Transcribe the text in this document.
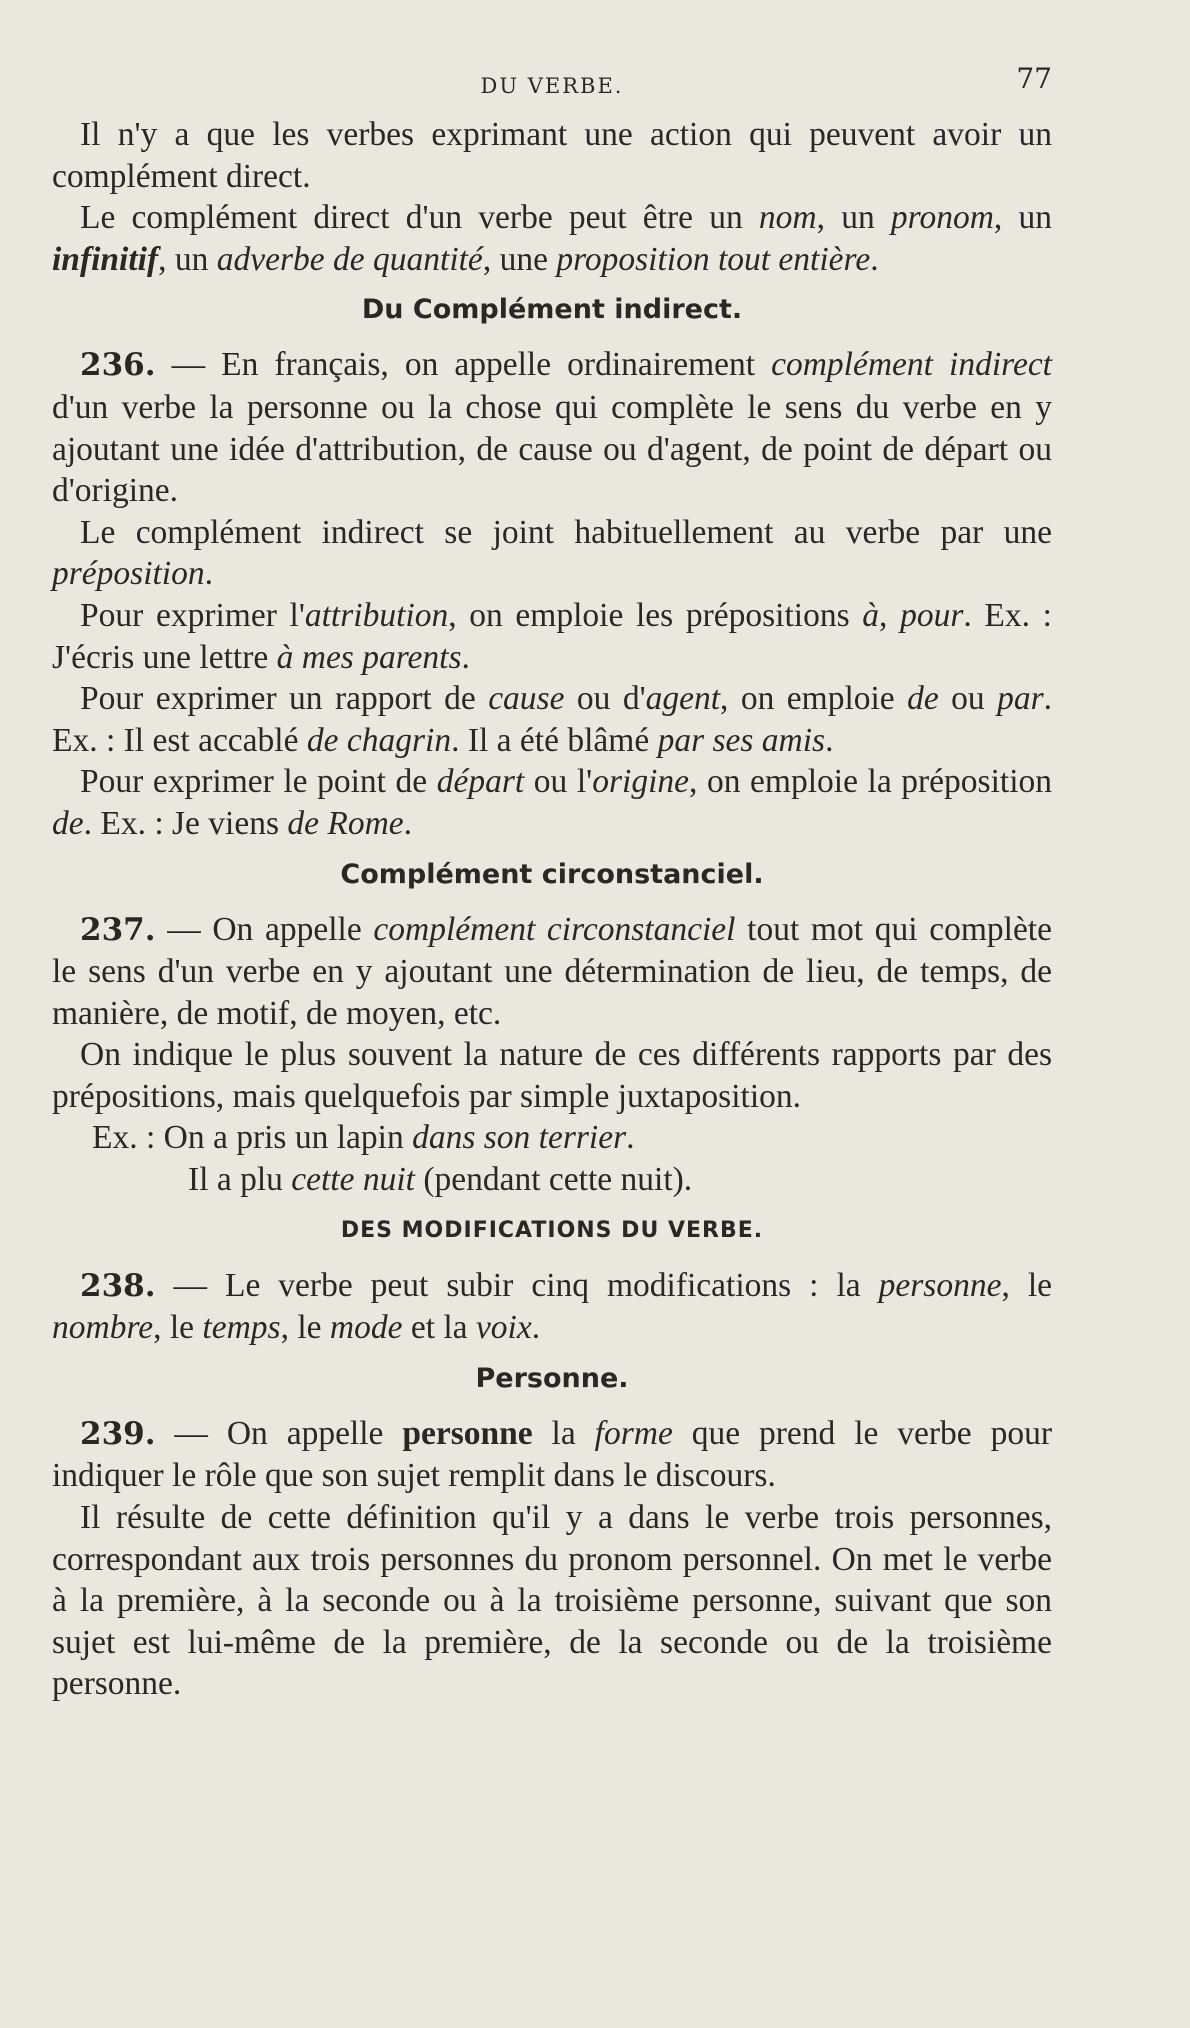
DU VERBE.	77

Il n'y a que les verbes exprimant une action qui peuvent avoir un complément direct.

Le complément direct d'un verbe peut être un nom, un pronom, un infinitif, un adverbe de quantité, une proposition tout entière.

Du Complément indirect.

236. — En français, on appelle ordinairement complément indirect d'un verbe la personne ou la chose qui complète le sens du verbe en y ajoutant une idée d'attribution, de cause ou d'agent, de point de départ ou d'origine.

Le complément indirect se joint habituellement au verbe par une préposition.

Pour exprimer l'attribution, on emploie les prépositions à, pour. Ex. : J'écris une lettre à mes parents.

Pour exprimer un rapport de cause ou d'agent, on emploie de ou par. Ex. : Il est accablé de chagrin. Il a été blâmé par ses amis.

Pour exprimer le point de départ ou l'origine, on emploie la préposition de. Ex. : Je viens de Rome.

Complément circonstanciel.

237. — On appelle complément circonstanciel tout mot qui complète le sens d'un verbe en y ajoutant une détermination de lieu, de temps, de manière, de motif, de moyen, etc.

On indique le plus souvent la nature de ces différents rapports par des prépositions, mais quelquefois par simple juxtaposition.

Ex. : On a pris un lapin dans son terrier.

Il a plu cette nuit (pendant cette nuit).

DES MODIFICATIONS DU VERBE.

238. — Le verbe peut subir cinq modifications : la personne, le nombre, le temps, le mode et la voix.

Personne.

239. — On appelle personne la forme que prend le verbe pour indiquer le rôle que son sujet remplit dans le discours.

Il résulte de cette définition qu'il y a dans le verbe trois personnes, correspondant aux trois personnes du pronom personnel. On met le verbe à la première, à la seconde ou à la troisième personne, suivant que son sujet est lui-même de la première, de la seconde ou de la troisième personne.
